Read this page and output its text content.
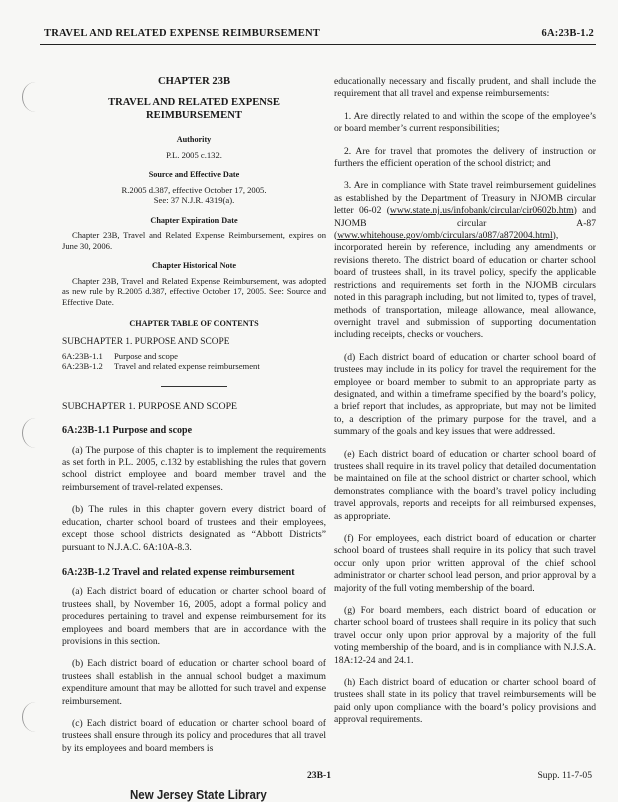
TRAVEL AND RELATED EXPENSE REIMBURSEMENT	6A:23B-1.2
CHAPTER 23B
TRAVEL AND RELATED EXPENSE
REIMBURSEMENT
Authority
P.L. 2005 c.132.
Source and Effective Date
R.2005 d.387, effective October 17, 2005.
See: 37 N.J.R. 4319(a).
Chapter Expiration Date
Chapter 23B, Travel and Related Expense Reimbursement, expires on June 30, 2006.
Chapter Historical Note
Chapter 23B, Travel and Related Expense Reimbursement, was adopted as new rule by R.2005 d.387, effective October 17, 2005. See: Source and Effective Date.
CHAPTER TABLE OF CONTENTS
SUBCHAPTER 1. PURPOSE AND SCOPE
6A:23B-1.1	Purpose and scope
6A:23B-1.2	Travel and related expense reimbursement
SUBCHAPTER 1. PURPOSE AND SCOPE
6A:23B-1.1 Purpose and scope
(a) The purpose of this chapter is to implement the requirements as set forth in P.L. 2005, c.132 by establishing the rules that govern school district employee and board member travel and the reimbursement of travel-related expenses.
(b) The rules in this chapter govern every district board of education, charter school board of trustees and their employees, except those school districts designated as “Abbott Districts” pursuant to N.J.A.C. 6A:10A-8.3.
6A:23B-1.2 Travel and related expense reimbursement
(a) Each district board of education or charter school board of trustees shall, by November 16, 2005, adopt a formal policy and procedures pertaining to travel and expense reimbursement for its employees and board members that are in accordance with the provisions in this section.
(b) Each district board of education or charter school board of trustees shall establish in the annual school budget a maximum expenditure amount that may be allotted for such travel and expense reimbursement.
(c) Each district board of education or charter school board of trustees shall ensure through its policy and procedures that all travel by its employees and board members is
educationally necessary and fiscally prudent, and shall include the requirement that all travel and expense reimbursements:
1. Are directly related to and within the scope of the employee’s or board member’s current responsibilities;
2. Are for travel that promotes the delivery of instruction or furthers the efficient operation of the school district; and
3. Are in compliance with State travel reimbursement guidelines as established by the Department of Treasury in NJOMB circular letter 06-02 (www.state.nj.us/infobank/circular/cir0602b.htm) and NJOMB circular A-87 (www.whitehouse.gov/omb/circulars/a087/a872004.html), incorporated herein by reference, including any amendments or revisions thereto. The district board of education or charter school board of trustees shall, in its travel policy, specify the applicable restrictions and requirements set forth in the NJOMB circulars noted in this paragraph including, but not limited to, types of travel, methods of transportation, mileage allowance, meal allowance, overnight travel and submission of supporting documentation including receipts, checks or vouchers.
(d) Each district board of education or charter school board of trustees may include in its policy for travel the requirement for the employee or board member to submit to an appropriate party as designated, and within a timeframe specified by the board’s policy, a brief report that includes, as appropriate, but may not be limited to, a description of the primary purpose for the travel, and a summary of the goals and key issues that were addressed.
(e) Each district board of education or charter school board of trustees shall require in its travel policy that detailed documentation be maintained on file at the school district or charter school, which demonstrates compliance with the board’s travel policy including travel approvals, reports and receipts for all reimbursed expenses, as appropriate.
(f) For employees, each district board of education or charter school board of trustees shall require in its policy that such travel occur only upon prior written approval of the chief school administrator or charter school lead person, and prior approval by a majority of the full voting membership of the board.
(g) For board members, each district board of education or charter school board of trustees shall require in its policy that such travel occur only upon prior approval by a majority of the full voting membership of the board, and is in compliance with N.J.S.A. 18A:12-24 and 24.1.
(h) Each district board of education or charter school board of trustees shall state in its policy that travel reimbursements will be paid only upon compliance with the board’s policy provisions and approval requirements.
23B-1	Supp. 11-7-05
New Jersey State Library
